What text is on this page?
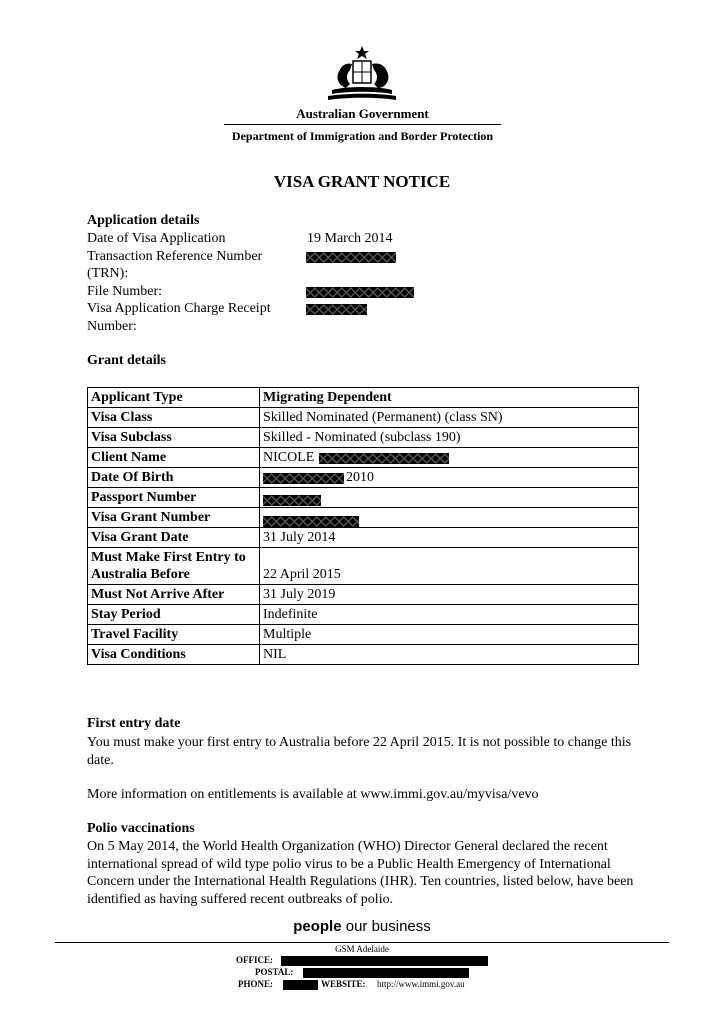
Australian Government
Department of Immigration and Border Protection
VISA GRANT NOTICE
Application details
Date of Visa Application	19 March 2014
Transaction Reference Number
(TRN):
File Number:
Visa Application Charge Receipt
Number:
Grant details
Applicant Type	Migrating Dependent
Visa Class	Skilled Nominated (Permanent) (class SN)
Visa Subclass	Skilled - Nominated (subclass 190)
Client Name	NICOLE

Date Of Birth	2010
Passport Number	

Visa Grant Number	

Visa Grant Date	31 July 2014
Must Make First Entry to Australia Before	22 April 2015
Must Not Arrive After	31 July 2019
Stay Period	Indefinite
Travel Facility	Multiple
Visa Conditions	NIL
First entry date
You must make your first entry to Australia before 22 April 2015. It is not possible to change this date.
More information on entitlements is available at www.immi.gov.au/myvisa/vevo
Polio vaccinations
On 5 May 2014, the World Health Organization (WHO) Director General declared the recent international spread of wild type polio virus to be a Public Health Emergency of International Concern under the International Health Regulations (IHR). Ten countries, listed below, have been identified as having suffered recent outbreaks of polio.
people our business
GSM Adelaide
OFFICE:
POSTAL:
PHONE:	WEBSITE: http://www.immi.gov.au
